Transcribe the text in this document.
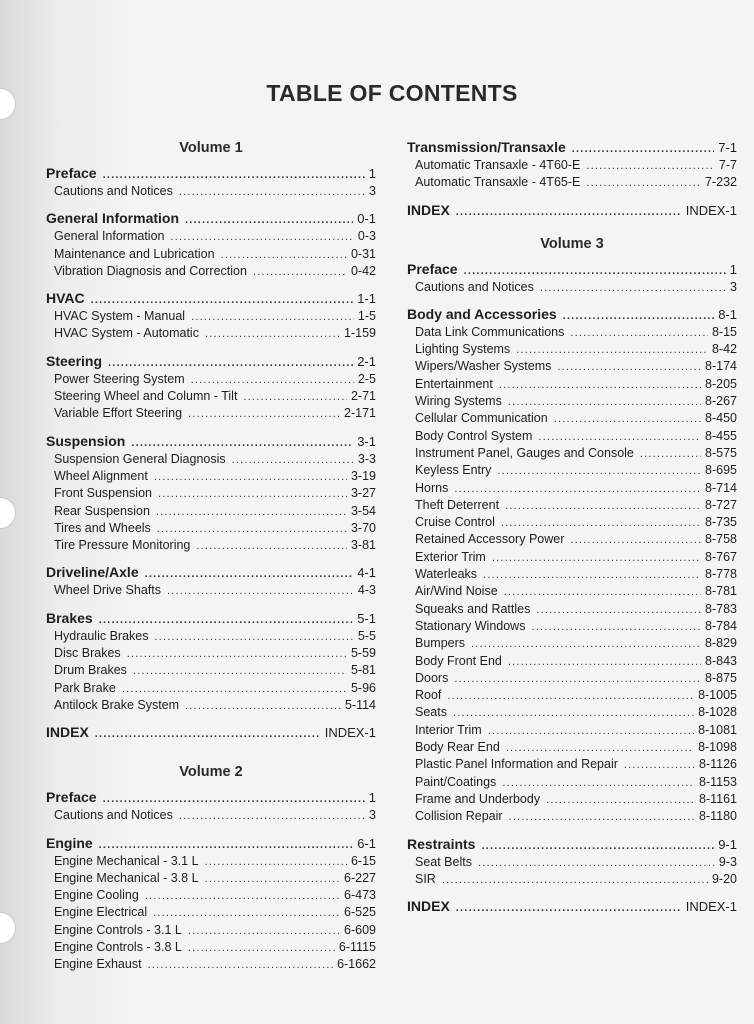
TABLE OF CONTENTS
Volume 1
Preface .....	1
Cautions and Notices .....	3
General Information .....	0-1
General Information .....	0-3
Maintenance and Lubrication .....	0-31
Vibration Diagnosis and Correction .....	0-42
HVAC .....	1-1
HVAC System - Manual .....	1-5
HVAC System - Automatic .....	1-159
Steering .....	2-1
Power Steering System .....	2-5
Steering Wheel and Column - Tilt .....	2-71
Variable Effort Steering .....	2-171
Suspension .....	3-1
Suspension General Diagnosis .....	3-3
Wheel Alignment .....	3-19
Front Suspension .....	3-27
Rear Suspension .....	3-54
Tires and Wheels .....	3-70
Tire Pressure Monitoring .....	3-81
Driveline/Axle .....	4-1
Wheel Drive Shafts .....	4-3
Brakes .....	5-1
Hydraulic Brakes .....	5-5
Disc Brakes .....	5-59
Drum Brakes .....	5-81
Park Brake .....	5-96
Antilock Brake System .....	5-114
INDEX .....	INDEX-1
Volume 2
Preface .....	1
Cautions and Notices .....	3
Engine .....	6-1
Engine Mechanical - 3.1 L .....	6-15
Engine Mechanical - 3.8 L .....	6-227
Engine Cooling .....	6-473
Engine Electrical .....	6-525
Engine Controls - 3.1 L .....	6-609
Engine Controls - 3.8 L .....	6-1115
Engine Exhaust .....	6-1662
Transmission/Transaxle .....	7-1
Automatic Transaxle - 4T60-E .....	7-7
Automatic Transaxle - 4T65-E .....	7-232
INDEX .....	INDEX-1
Volume 3
Preface .....	1
Cautions and Notices .....	3
Body and Accessories .....	8-1
Data Link Communications .....	8-15
Lighting Systems .....	8-42
Wipers/Washer Systems .....	8-174
Entertainment .....	8-205
Wiring Systems .....	8-267
Cellular Communication .....	8-450
Body Control System .....	8-455
Instrument Panel, Gauges and Console .....	8-575
Keyless Entry .....	8-695
Horns .....	8-714
Theft Deterrent .....	8-727
Cruise Control .....	8-735
Retained Accessory Power .....	8-758
Exterior Trim .....	8-767
Waterleaks .....	8-778
Air/Wind Noise .....	8-781
Squeaks and Rattles .....	8-783
Stationary Windows .....	8-784
Bumpers .....	8-829
Body Front End .....	8-843
Doors .....	8-875
Roof .....	8-1005
Seats .....	8-1028
Interior Trim .....	8-1081
Body Rear End .....	8-1098
Plastic Panel Information and Repair .....	8-1126
Paint/Coatings .....	8-1153
Frame and Underbody .....	8-1161
Collision Repair .....	8-1180
Restraints .....	9-1
Seat Belts .....	9-3
SIR .....	9-20
INDEX .....	INDEX-1
